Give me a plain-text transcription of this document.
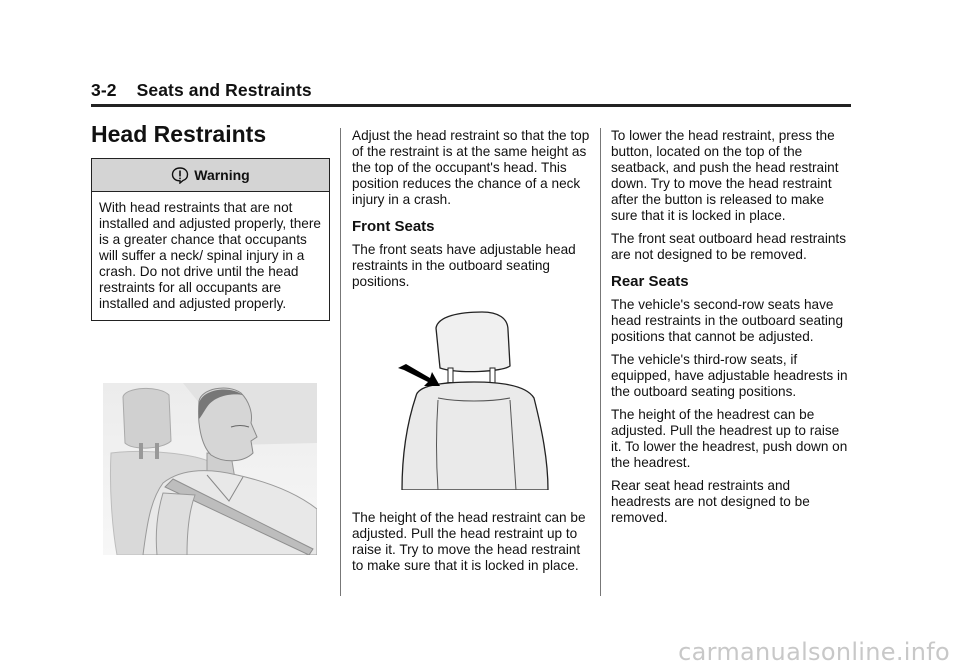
3-2 Seats and Restraints
Head Restraints
Warning
With head restraints that are not installed and adjusted properly, there is a greater chance that occupants will suffer a neck/ spinal injury in a crash. Do not drive until the head restraints for all occupants are installed and adjusted properly.

Adjust the head restraint so that the top of the restraint is at the same height as the top of the occupant's head. This position reduces the chance of a neck injury in a crash.

Front Seats

The front seats have adjustable head restraints in the outboard seating positions.

The height of the head restraint can be adjusted. Pull the head restraint up to raise it. Try to move the head restraint to make sure that it is locked in place.

To lower the head restraint, press the button, located on the top of the seatback, and push the head restraint down. Try to move the head restraint after the button is released to make sure that it is locked in place.

The front seat outboard head restraints are not designed to be removed.

Rear Seats

The vehicle's second-row seats have head restraints in the outboard seating positions that cannot be adjusted.

The vehicle's third-row seats, if equipped, have adjustable headrests in the outboard seating positions.

The height of the headrest can be adjusted. Pull the headrest up to raise it. To lower the headrest, push down on the headrest.

Rear seat head restraints and headrests are not designed to be removed.

carmanualsonline.info
